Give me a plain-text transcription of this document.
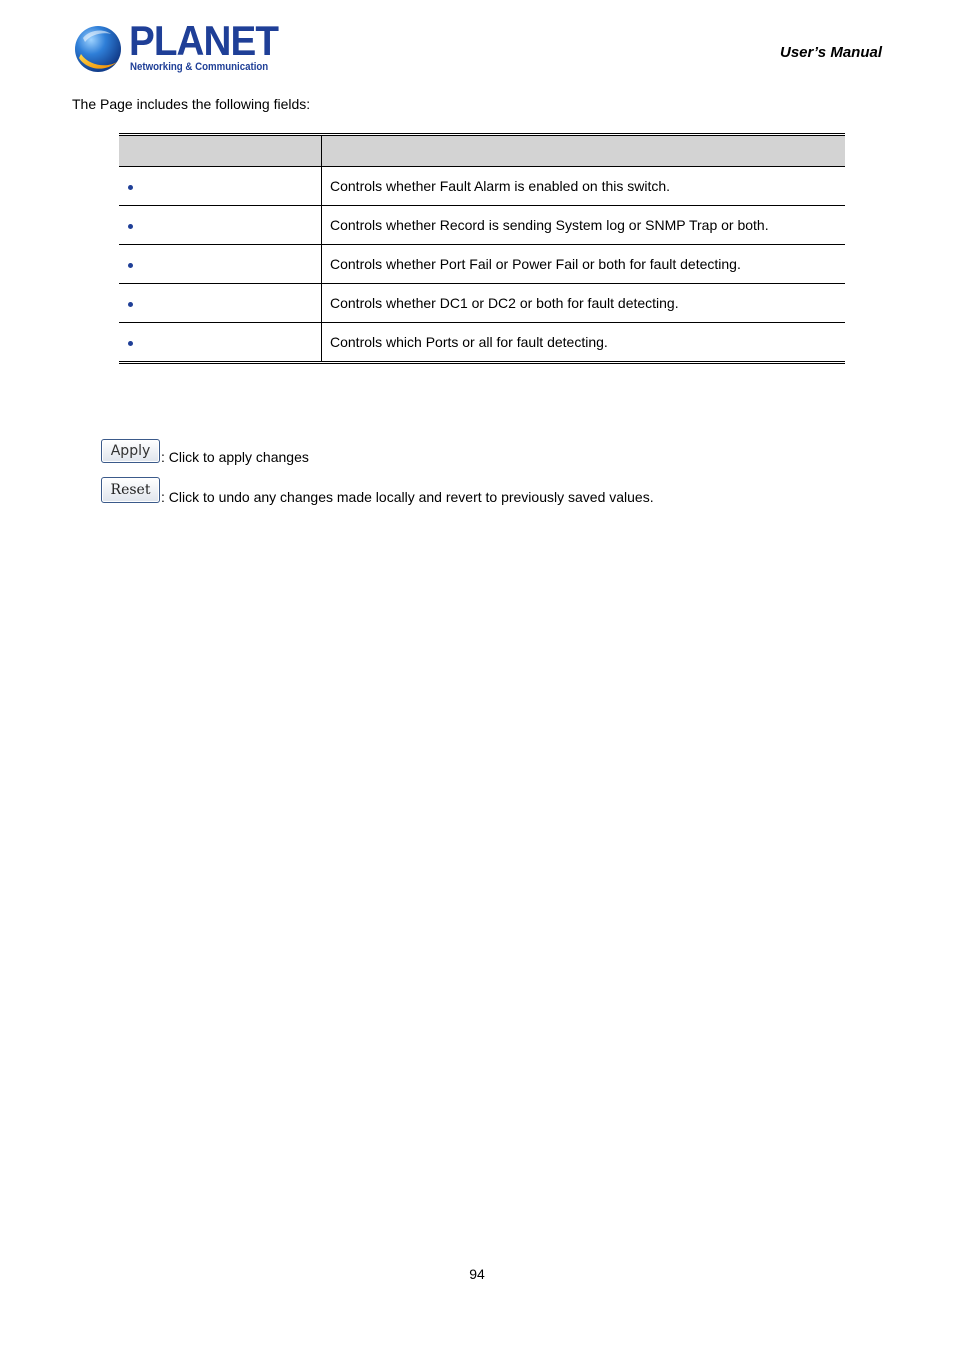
PLANET
Networking & Communication
User’s Manual
The Page includes the following fields:

	Controls whether Fault Alarm is enabled on this switch.
	Controls whether Record is sending System log or SNMP Trap or both.
	Controls whether Port Fail or Power Fail or both for fault detecting.
	Controls whether DC1 or DC2 or both for fault detecting.
	Controls which Ports or all for fault detecting.
Apply : Click to apply changes
Reset : Click to undo any changes made locally and revert to previously saved values.
94
